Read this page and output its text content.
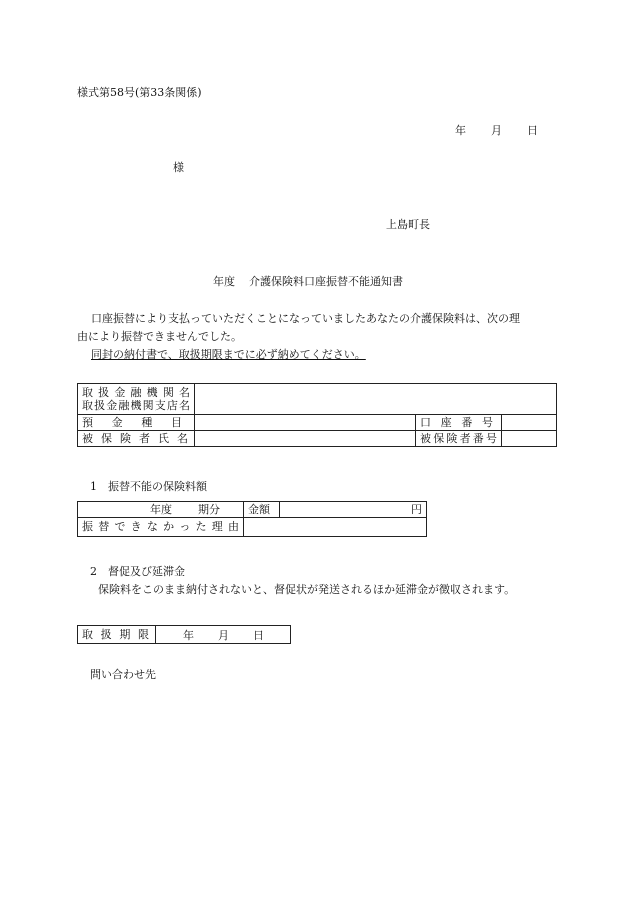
様式第58号(第33条関係)
年 月 日
様
上島町長
年度 介護保険料口座振替不能通知書
口座振替により支払っていただくことになっていましたあなたの介護保険料は、次の理
由により振替できませんでした。
同封の納付書で、取扱期限までに必ず納めてください。
取扱金融機関名
取扱金融機関支店名			

預金種目		口座番号	

被保険者氏名		被保険者番号	

1　振替不能の保険料額
年度 期分	金額	円

振替できなかった理由		

2　督促及び延滞金
保険料をこのまま納付されないと、督促状が発送されるほか延滞金が徴収されます。
取扱期限	年 月 日
問い合わせ先
